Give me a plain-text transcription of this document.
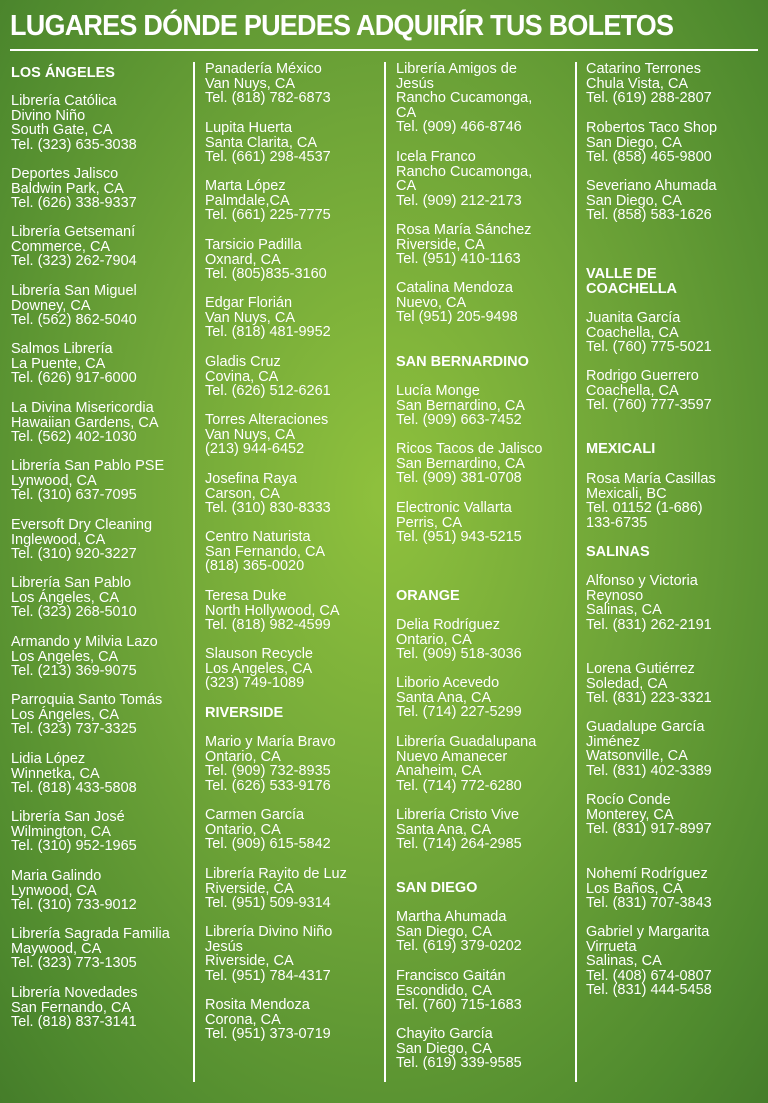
LUGARES DÓNDE PUEDES ADQUIRÍR TUS BOLETOS
LOS ÁNGELES
Librería Católica
Divino Niño
South Gate, CA
Tel. (323) 635-3038
Deportes Jalisco
Baldwin Park, CA
Tel. (626) 338-9337
Librería Getsemaní
Commerce, CA
Tel. (323) 262-7904
Librería San Miguel
Downey, CA
Tel. (562) 862-5040
Salmos Librería
La Puente, CA
Tel. (626) 917-6000
La Divina Misericordia
Hawaiian Gardens, CA
Tel. (562) 402-1030
Librería San Pablo PSE
Lynwood, CA
Tel. (310) 637-7095
Eversoft Dry Cleaning
Inglewood, CA
Tel. (310) 920-3227
Librería San Pablo
Los Ángeles, CA
Tel. (323) 268-5010
Armando y Milvia Lazo
Los Angeles, CA
Tel. (213) 369-9075
Parroquia Santo Tomás
Los Ángeles, CA
Tel. (323) 737-3325
Lidia López
Winnetka, CA
Tel. (818) 433-5808
Librería San José
Wilmington, CA
Tel. (310) 952-1965
Maria Galindo
Lynwood, CA
Tel. (310) 733-9012
Librería Sagrada Familia
Maywood, CA
Tel. (323) 773-1305
Librería Novedades
San Fernando, CA
Tel. (818) 837-3141
Panadería México
Van Nuys, CA
Tel. (818) 782-6873
Lupita Huerta
Santa Clarita, CA
Tel. (661) 298-4537
Marta López
Palmdale,CA
Tel. (661) 225-7775
Tarsicio Padilla
Oxnard, CA
Tel. (805)835-3160
Edgar Florián
Van Nuys, CA
Tel. (818) 481-9952
Gladis Cruz
Covina, CA
Tel. (626) 512-6261
Torres Alteraciones
Van Nuys, CA
(213) 944-6452
Josefina Raya
Carson, CA
Tel. (310) 830-8333
Centro Naturista
San Fernando, CA
(818) 365-0020
Teresa Duke
North Hollywood, CA
Tel. (818) 982-4599
Slauson Recycle
Los Angeles, CA
(323) 749-1089
RIVERSIDE
Mario y María Bravo
Ontario, CA
Tel. (909) 732-8935
Tel. (626) 533-9176
Carmen García
Ontario, CA
Tel. (909) 615-5842
Librería Rayito de Luz
Riverside, CA
Tel. (951) 509-9314
Librería Divino Niño
Jesús
Riverside, CA
Tel. (951) 784-4317
Rosita Mendoza
Corona, CA
Tel. (951) 373-0719
Librería Amigos de
Jesús
Rancho Cucamonga,
CA
Tel. (909) 466-8746
Icela Franco
Rancho Cucamonga,
CA
Tel. (909) 212-2173
Rosa María Sánchez
Riverside, CA
Tel. (951) 410-1163
Catalina Mendoza
Nuevo, CA
Tel (951) 205-9498
SAN BERNARDINO
Lucía Monge
San Bernardino, CA
Tel. (909) 663-7452
Ricos Tacos de Jalisco
San Bernardino, CA
Tel. (909) 381-0708
Electronic Vallarta
Perris, CA
Tel. (951) 943-5215
ORANGE
Delia Rodríguez
Ontario, CA
Tel. (909) 518-3036
Liborio Acevedo
Santa Ana, CA
Tel. (714) 227-5299
Librería Guadalupana
Nuevo Amanecer
Anaheim, CA
Tel. (714) 772-6280
Librería Cristo Vive
Santa Ana, CA
Tel. (714) 264-2985
SAN DIEGO
Martha Ahumada
San Diego, CA
Tel. (619) 379-0202
Francisco Gaitán
Escondido, CA
Tel. (760) 715-1683
Chayito García
San Diego, CA
Tel. (619) 339-9585
Catarino Terrones
Chula Vista, CA
Tel. (619) 288-2807
Robertos Taco Shop
San Diego, CA
Tel. (858) 465-9800
Severiano Ahumada
San Diego, CA
Tel. (858) 583-1626
VALLE DE
COACHELLA
Juanita García
Coachella, CA
Tel. (760) 775-5021
Rodrigo Guerrero
Coachella, CA
Tel. (760) 777-3597
MEXICALI
Rosa María Casillas
Mexicali, BC
Tel. 01152 (1-686)
133-6735
SALINAS
Alfonso y Victoria
Reynoso
Salinas, CA
Tel. (831) 262-2191
Lorena Gutiérrez
Soledad, CA
Tel. (831) 223-3321
Guadalupe García
Jiménez
Watsonville, CA
Tel. (831) 402-3389
Rocío Conde
Monterey, CA
Tel. (831) 917-8997
Nohemí Rodríguez
Los Baños, CA
Tel. (831) 707-3843
Gabriel y Margarita
Virrueta
Salinas, CA
Tel. (408) 674-0807
Tel. (831) 444-5458
